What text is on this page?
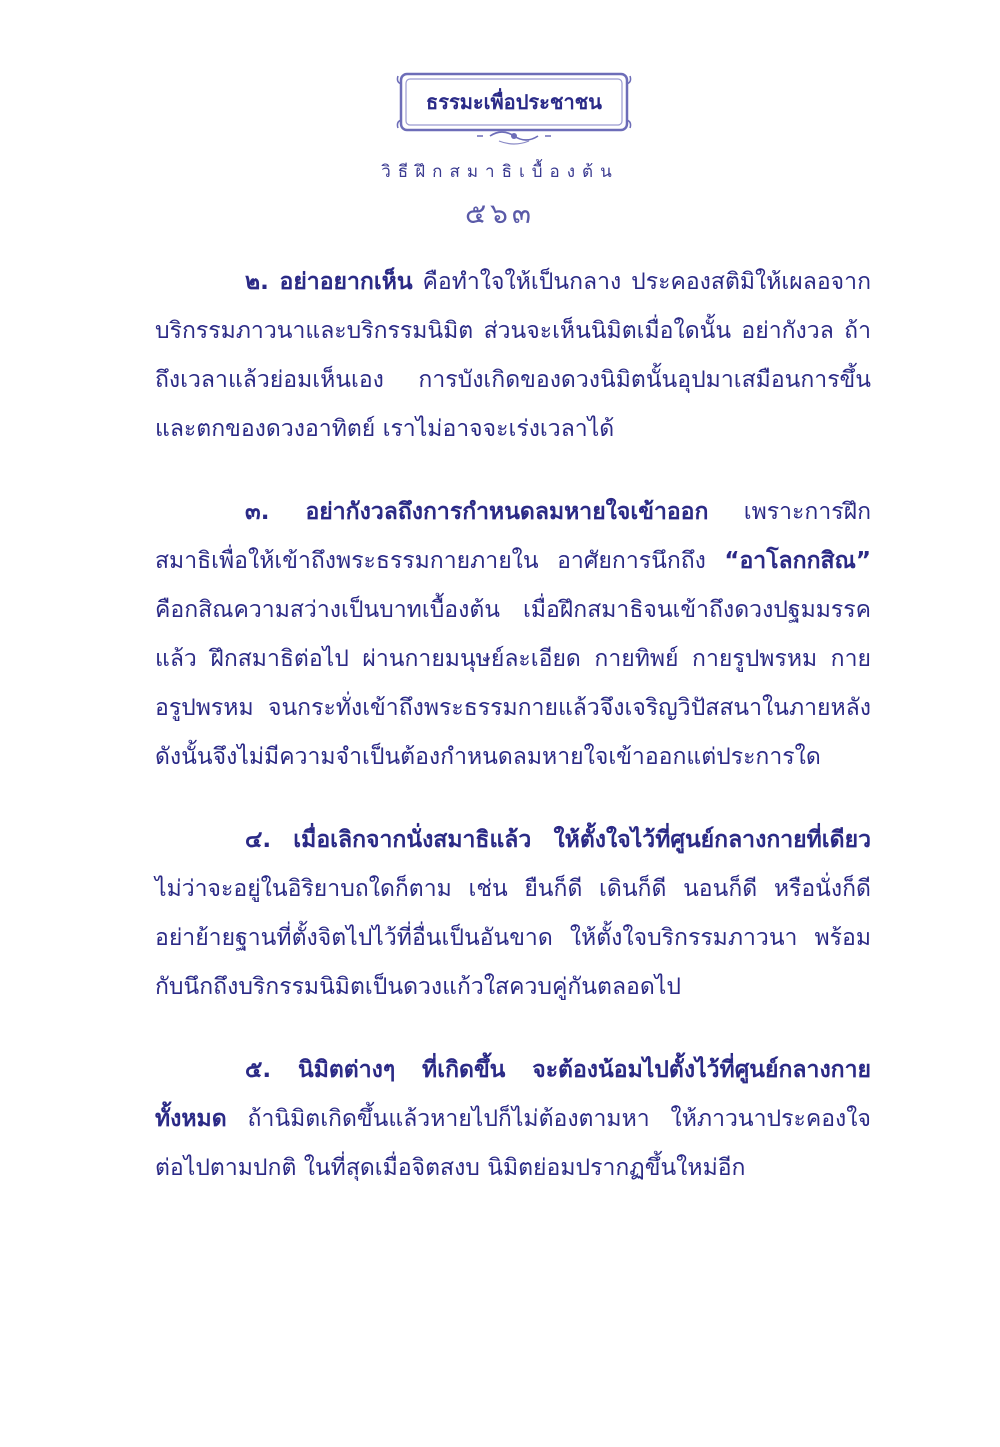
ธรรมะเพื่อประชาชน
วิธีฝึกสมาธิเบื้องต้น
๕๖๓

๒. อย่าอยากเห็น คือทำใจให้เป็นกลาง ประคองสติมิให้เผลอจากบริกรรมภาวนาและบริกรรมนิมิต ส่วนจะเห็นนิมิตเมื่อใดนั้น อย่ากังวล ถ้าถึงเวลาแล้วย่อมเห็นเอง การบังเกิดของดวงนิมิตนั้นอุปมาเสมือนการขึ้นและตกของดวงอาทิตย์ เราไม่อาจจะเร่งเวลาได้

๓. อย่ากังวลถึงการกำหนดลมหายใจเข้าออก เพราะการฝึกสมาธิเพื่อให้เข้าถึงพระธรรมกายภายใน อาศัยการนึกถึง “อาโลกกสิณ” คือกสิณความสว่างเป็นบาทเบื้องต้น เมื่อฝึกสมาธิจนเข้าถึงดวงปฐมมรรคแล้ว ฝึกสมาธิต่อไป ผ่านกายมนุษย์ละเอียด กายทิพย์ กายรูปพรหม กายอรูปพรหม จนกระทั่งเข้าถึงพระธรรมกายแล้วจึงเจริญวิปัสสนาในภายหลัง ดังนั้นจึงไม่มีความจำเป็นต้องกำหนดลมหายใจเข้าออกแต่ประการใด

๔. เมื่อเลิกจากนั่งสมาธิแล้ว ให้ตั้งใจไว้ที่ศูนย์กลางกายที่เดียว ไม่ว่าจะอยู่ในอิริยาบถใดก็ตาม เช่น ยืนก็ดี เดินก็ดี นอนก็ดี หรือนั่งก็ดี อย่าย้ายฐานที่ตั้งจิตไปไว้ที่อื่นเป็นอันขาด ให้ตั้งใจบริกรรมภาวนา พร้อมกับนึกถึงบริกรรมนิมิตเป็นดวงแก้วใสควบคู่กันตลอดไป

๕. นิมิตต่างๆ ที่เกิดขึ้น จะต้องน้อมไปตั้งไว้ที่ศูนย์กลางกายทั้งหมด ถ้านิมิตเกิดขึ้นแล้วหายไปก็ไม่ต้องตามหา ให้ภาวนาประคองใจต่อไปตามปกติ ในที่สุดเมื่อจิตสงบ นิมิตย่อมปรากฏขึ้นใหม่อีก
